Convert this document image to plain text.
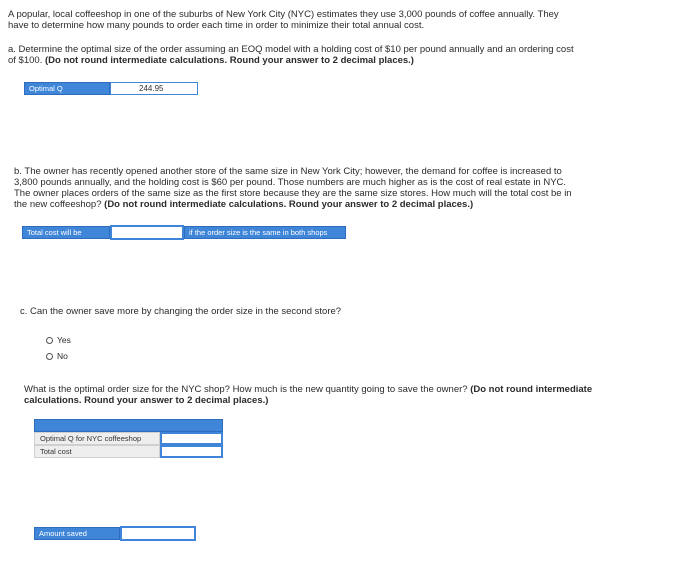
A popular, local coffeeshop in one of the suburbs of New York City (NYC) estimates they use 3,000 pounds of coffee annually. They
have to determine how many pounds to order each time in order to minimize their total annual cost.
a. Determine the optimal size of the order assuming an EOQ model with a holding cost of $10 per pound annually and an ordering cost
of $100. (Do not round intermediate calculations. Round your answer to 2 decimal places.)
Optimal Q	244.95
b. The owner has recently opened another store of the same size in New York City; however, the demand for coffee is increased to
3,800 pounds annually, and the holding cost is $60 per pound. Those numbers are much higher as is the cost of real estate in NYC.
The owner places orders of the same size as the first store because they are the same size stores. How much will the total cost be in
the new coffeeshop? (Do not round intermediate calculations. Round your answer to 2 decimal places.)
Total cost will be	if the order size is the same in both shops
c. Can the owner save more by changing the order size in the second store?
Yes
No
What is the optimal order size for the NYC shop? How much is the new quantity going to save the owner? (Do not round intermediate
calculations. Round your answer to 2 decimal places.)
Optimal Q for NYC coffeeshop
Total cost
Amount saved
